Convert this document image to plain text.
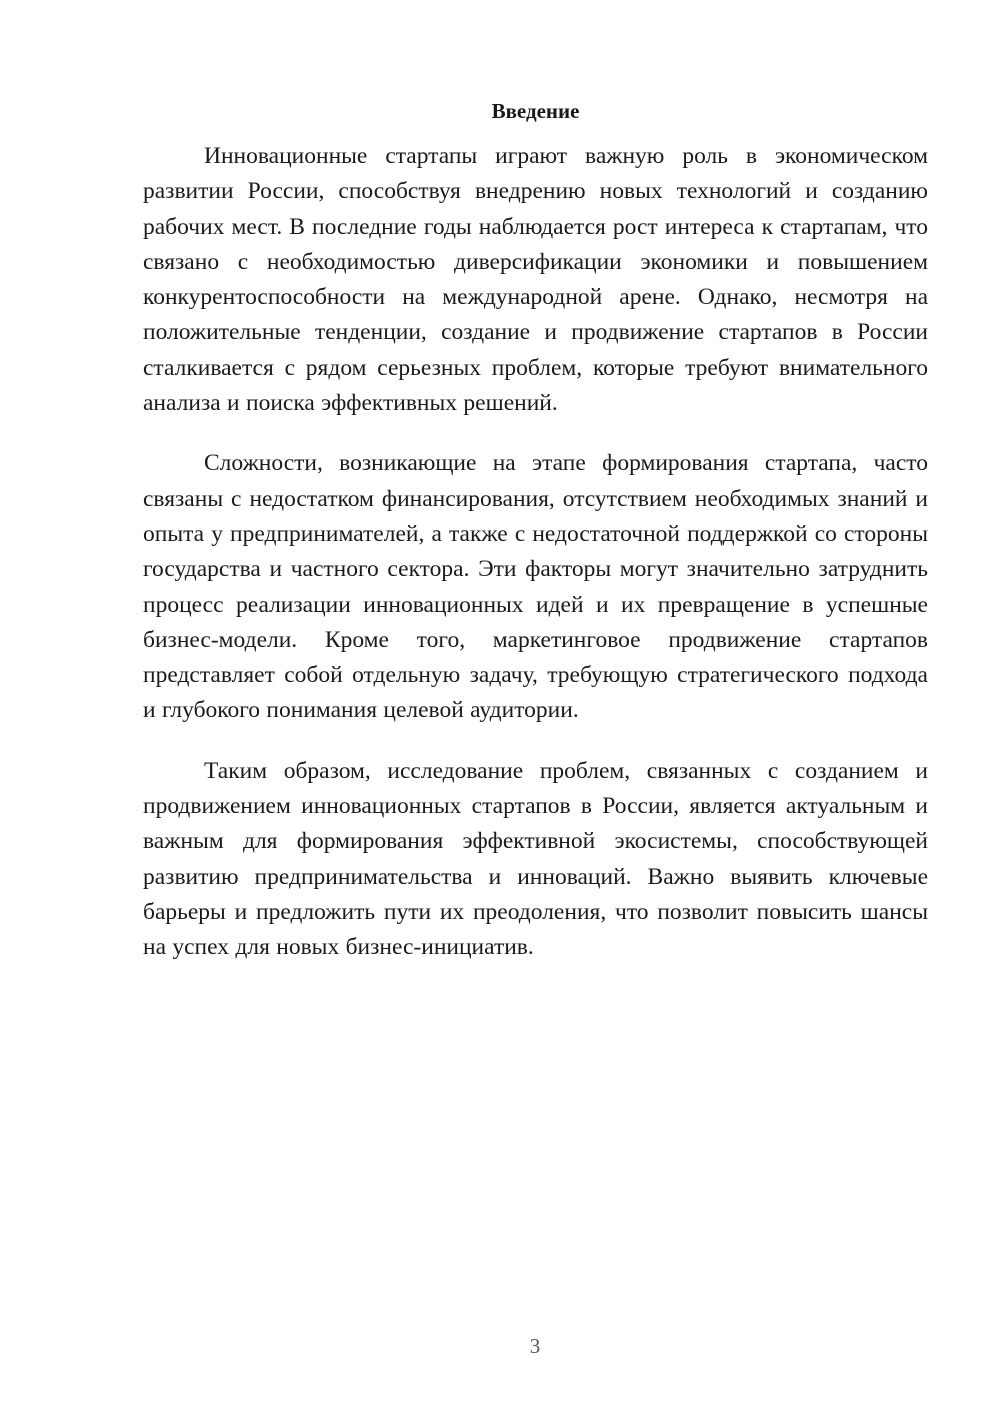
Введение

Инновационные стартапы играют важную роль в экономическом развитии России, способствуя внедрению новых технологий и созданию рабочих мест. В последние годы наблюдается рост интереса к стартапам, что связано с необходимостью диверсификации экономики и повышением конкурентоспособности на международной арене. Однако, несмотря на положительные тенденции, создание и продвижение стартапов в России сталкивается с рядом серьезных проблем, которые требуют внимательного анализа и поиска эффективных решений.

Сложности, возникающие на этапе формирования стартапа, часто связаны с недостатком финансирования, отсутствием необходимых знаний и опыта у предпринимателей, а также с недостаточной поддержкой со стороны государства и частного сектора. Эти факторы могут значительно затруднить процесс реализации инновационных идей и их превращение в успешные бизнес-модели. Кроме того, маркетинговое продвижение стартапов представляет собой отдельную задачу, требующую стратегического подхода и глубокого понимания целевой аудитории.

Таким образом, исследование проблем, связанных с созданием и продвижением инновационных стартапов в России, является актуальным и важным для формирования эффективной экосистемы, способствующей развитию предпринимательства и инноваций. Важно выявить ключевые барьеры и предложить пути их преодоления, что позволит повысить шансы на успех для новых бизнес-инициатив.

3
